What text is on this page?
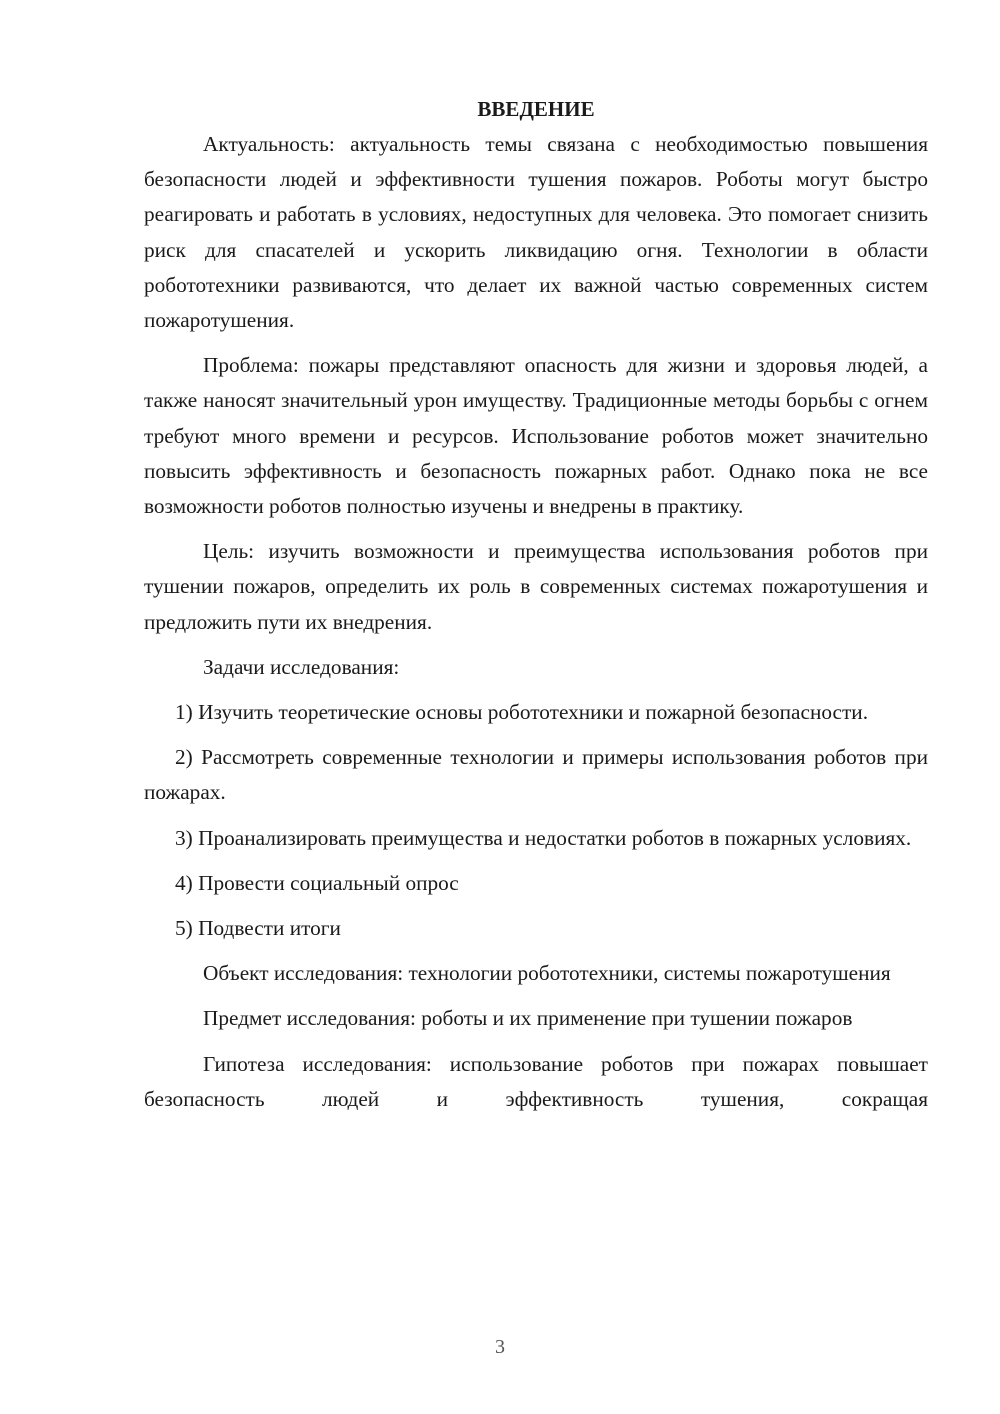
ВВЕДЕНИЕ

Актуальность: актуальность темы связана с необходимостью повышения безопасности людей и эффективности тушения пожаров. Роботы могут быстро реагировать и работать в условиях, недоступных для человека. Это помогает снизить риск для спасателей и ускорить ликвидацию огня. Технологии в области робототехники развиваются, что делает их важной частью современных систем пожаротушения.

Проблема: пожары представляют опасность для жизни и здоровья людей, а также наносят значительный урон имуществу. Традиционные методы борьбы с огнем требуют много времени и ресурсов. Использование роботов может значительно повысить эффективность и безопасность пожарных работ. Однако пока не все возможности роботов полностью изучены и внедрены в практику.

Цель: изучить возможности и преимущества использования роботов при тушении пожаров, определить их роль в современных системах пожаротушения и предложить пути их внедрения.

Задачи исследования:

1) Изучить теоретические основы робототехники и пожарной безопасности.

2) Рассмотреть современные технологии и примеры использования роботов при пожарах.

3) Проанализировать преимущества и недостатки роботов в пожарных условиях.

4) Провести социальный опрос

5) Подвести итоги

Объект исследования: технологии робототехники, системы пожаротушения

Предмет исследования: роботы и их применение при тушении пожаров

Гипотеза исследования: использование роботов при пожарах повышает безопасность людей и эффективность тушения, сокращая

3
